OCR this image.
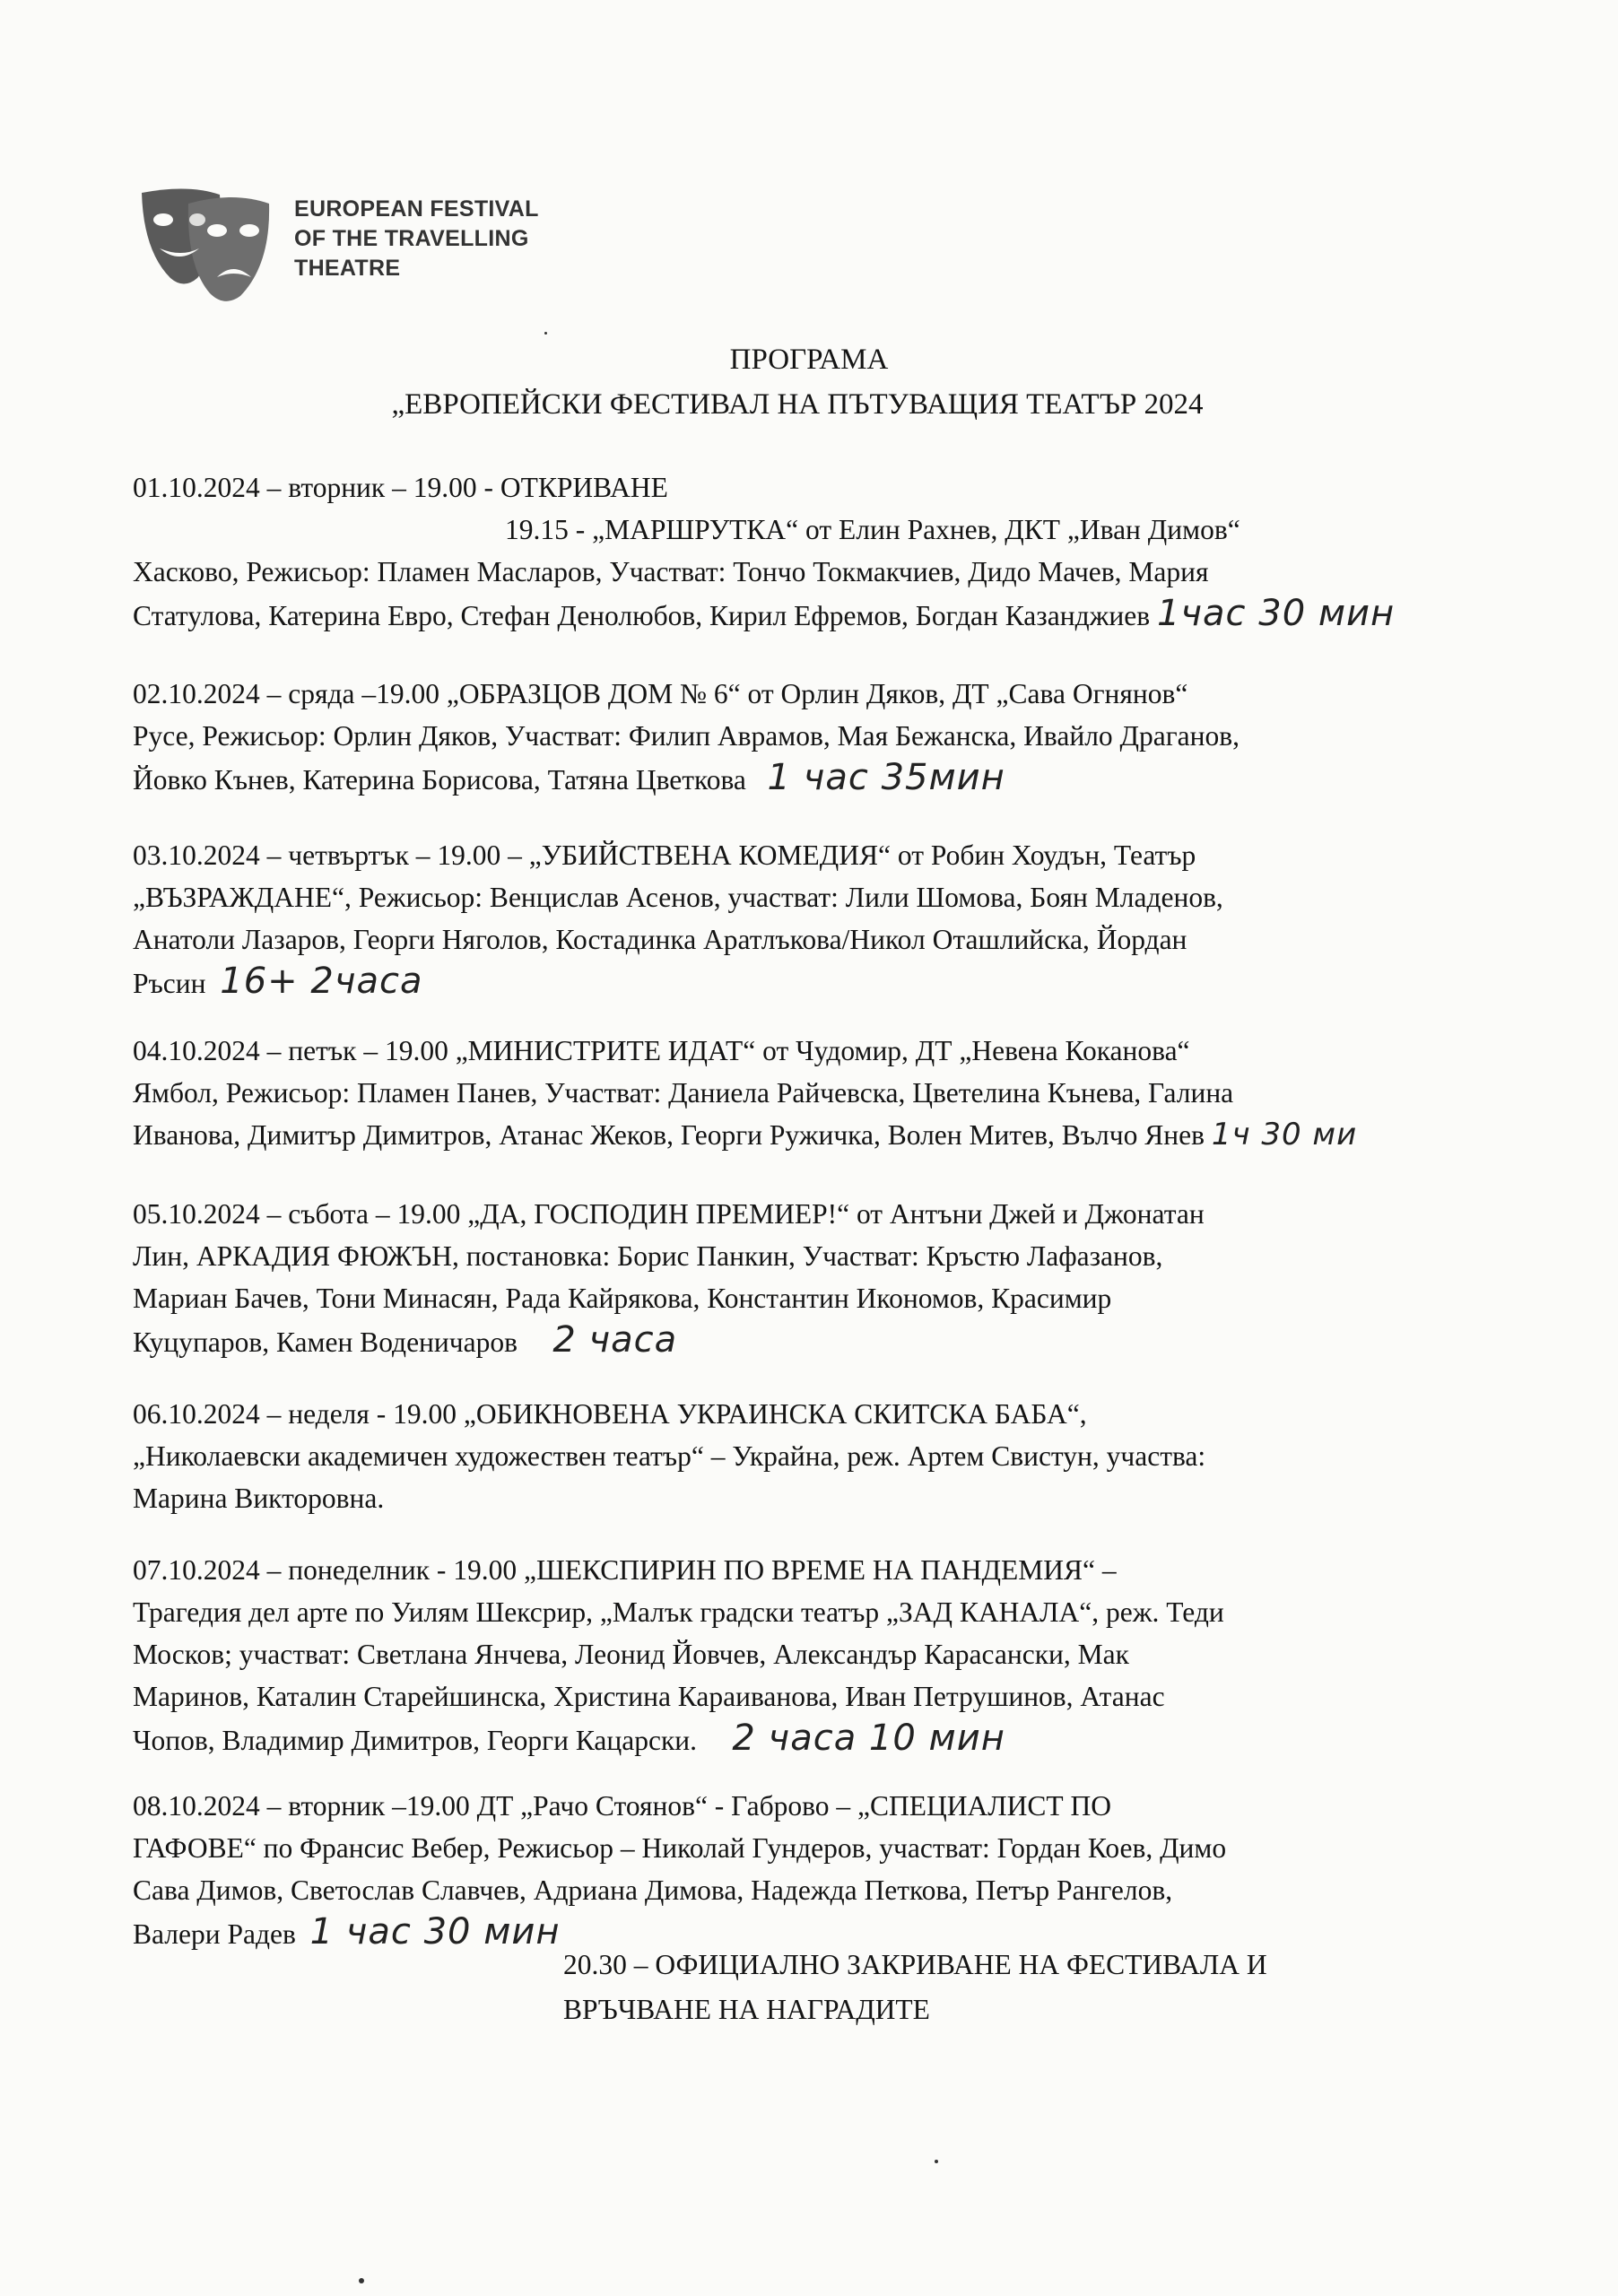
EUROPEAN FESTIVAL
OF THE TRAVELLING
THEATRE
ПРОГРАМА
„ЕВРОПЕЙСКИ ФЕСТИВАЛ НА ПЪТУВАЩИЯ ТЕАТЪР 2024
01.10.2024 – вторник – 19.00 - ОТКРИВАНЕ
19.15 - „МАРШРУТКА“ от Елин Рахнев, ДКТ „Иван Димов“
Хасково, Режисьор: Пламен Масларов, Участват: Тончо Токмакчиев, Дидо Мачев, Мария
Статулова, Катерина Евро, Стефан Денолюбов, Кирил Ефремов, Богдан Казанджиев 1час 30 мин
02.10.2024 – сряда –19.00 „ОБРАЗЦОВ ДОМ № 6“ от Орлин Дяков, ДТ „Сава Огнянов“
Русе, Режисьор: Орлин Дяков, Участват: Филип Аврамов, Мая Бежанска, Ивайло Драганов,
Йовко Кънев, Катерина Борисова, Татяна Цветкова 1 час 35мин
03.10.2024 – четвъртък – 19.00 – „УБИЙСТВЕНА КОМЕДИЯ“ от Робин Хоудън, Театър
„ВЪЗРАЖДАНЕ“, Режисьор: Венцислав Асенов, участват: Лили Шомова, Боян Младенов,
Анатоли Лазаров, Георги Няголов, Костадинка Аратлъкова/Никол Оташлийска, Йордан
Ръсин 16+ 2часа
04.10.2024 – петък – 19.00 „МИНИСТРИТЕ ИДАТ“ от Чудомир, ДТ „Невена Коканова“
Ямбол, Режисьор: Пламен Панев, Участват: Даниела Райчевска, Цветелина Кънева, Галина
Иванова, Димитър Димитров, Атанас Жеков, Георги Ружичка, Волен Митев, Вълчо Янев 1ч 30 ми
05.10.2024 – събота – 19.00 „ДА, ГОСПОДИН ПРЕМИЕР!“ от Антъни Джей и Джонатан
Лин, АРКАДИЯ ФЮЖЪН, постановка: Борис Панкин, Участват: Кръстю Лафазанов,
Мариан Бачев, Тони Минасян, Рада Кайрякова, Константин Икономов, Красимир
Куцупаров, Камен Воденичаров 2 часа
06.10.2024 – неделя - 19.00 „ОБИКНОВЕНА УКРАИНСКА СКИТСКА БАБА“,
„Николаевски академичен художествен театър“ – Украйна, реж. Артем Свистун, участва:
Марина Викторовна.
07.10.2024 – понеделник - 19.00 „ШЕКСПИРИН ПО ВРЕМЕ НА ПАНДЕМИЯ“ –
Трагедия дел арте по Уилям Шексрир, „Малък градски театър „ЗАД КАНАЛА“, реж. Теди
Москов; участват: Светлана Янчева, Леонид Йовчев, Александър Карасански, Мак
Маринов, Каталин Старейшинска, Христина Караиванова, Иван Петрушинов, Атанас
Чопов, Владимир Димитров, Георги Кацарски. 2 часа 10 мин
08.10.2024 – вторник –19.00 ДТ „Рачо Стоянов“ - Габрово – „СПЕЦИАЛИСТ ПО
ГАФОВЕ“ по Франсис Вебер, Режисьор – Николай Гундеров, участват: Гордан Коев, Димо
Сава Димов, Светослав Славчев, Адриана Димова, Надежда Петкова, Петър Рангелов,
Валери Радев 1 час 30 мин
20.30 – ОФИЦИАЛНО ЗАКРИВАНЕ НА ФЕСТИВАЛА И
ВРЪЧВАНЕ НА НАГРАДИТЕ
